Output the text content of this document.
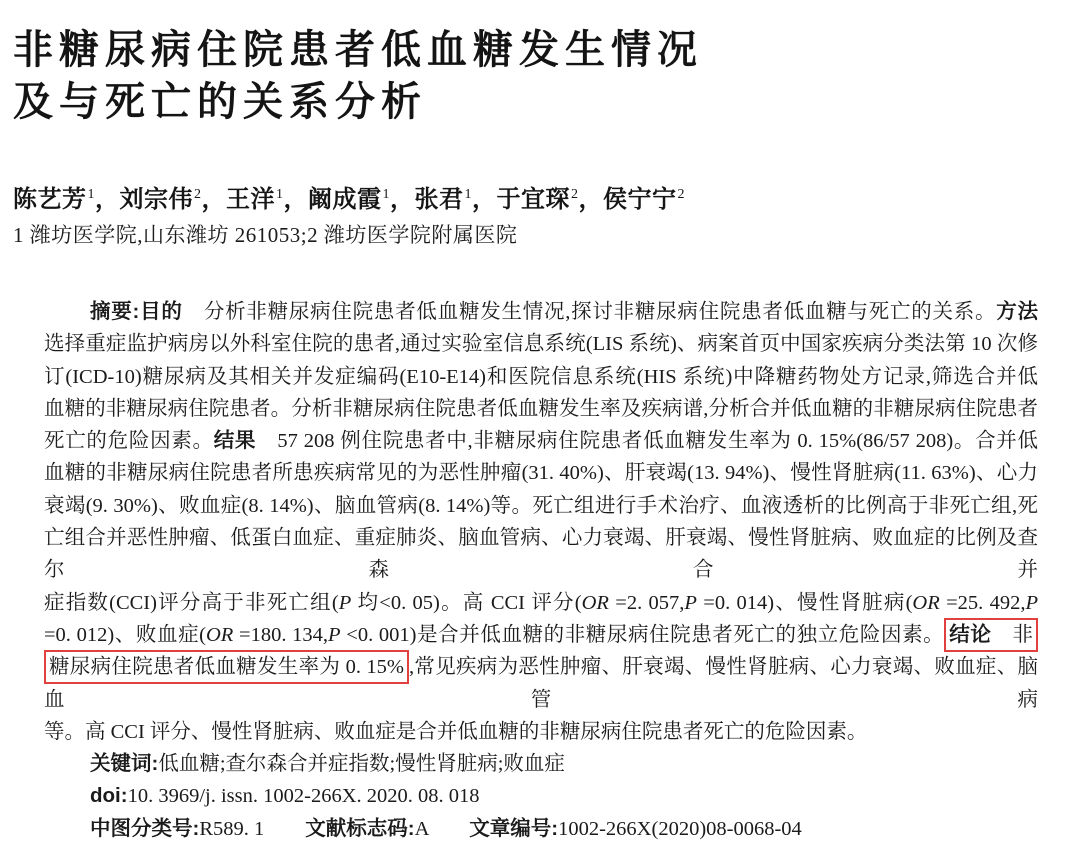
非糖尿病住院患者低血糖发生情况
及与死亡的关系分析
陈艺芳$^1$，刘宗伟$^2$，王洋$^1$，阚成霞$^1$，张君$^1$，于宜琛$^2$，侯宁宁$^2$
1 潍坊医学院,山东潍坊 261053;2 潍坊医学院附属医院
摘要:目的　分析非糖尿病住院患者低血糖发生情况,探讨非糖尿病住院患者低血糖与死亡的关系。方法
选择重症监护病房以外科室住院的患者,通过实验室信息系统(LIS 系统)、病案首页中国家疾病分类法第 10 次修
订(ICD-10)糖尿病及其相关并发症编码(E10-E14)和医院信息系统(HIS 系统)中降糖药物处方记录,筛选合并低
血糖的非糖尿病住院患者。分析非糖尿病住院患者低血糖发生率及疾病谱,分析合并低血糖的非糖尿病住院患者
死亡的危险因素。结果　57 208 例住院患者中,非糖尿病住院患者低血糖发生率为 0. 15%(86/57 208)。合并低
血糖的非糖尿病住院患者所患疾病常见的为恶性肿瘤(31. 40%)、肝衰竭(13. 94%)、慢性肾脏病(11. 63%)、心力
衰竭(9. 30%)、败血症(8. 14%)、脑血管病(8. 14%)等。死亡组进行手术治疗、血液透析的比例高于非死亡组,死
亡组合并恶性肿瘤、低蛋白血症、重症肺炎、脑血管病、心力衰竭、肝衰竭、慢性肾脏病、败血症的比例及查尔森合并
症指数(CCI)评分高于非死亡组(P 均<0. 05)。高 CCI 评分(OR =2. 057,P =0. 014)、慢性肾脏病(OR =25. 492,P
=0. 012)、败血症(OR =180. 134,P <0. 001)是合并低血糖的非糖尿病住院患者死亡的独立危险因素。 结论　非
糖尿病住院患者低血糖发生率为 0. 15% ,常见疾病为恶性肿瘤、肝衰竭、慢性肾脏病、心力衰竭、败血症、脑血管病
等。高 CCI 评分、慢性肾脏病、败血症是合并低血糖的非糖尿病住院患者死亡的危险因素。
关键词:低血糖;查尔森合并症指数;慢性肾脏病;败血症
doi:10. 3969/j. issn. 1002-266X. 2020. 08. 018
中图分类号:R589. 1　　 文献标志码:A　　 文章编号:1002-266X(2020)08-0068-04
